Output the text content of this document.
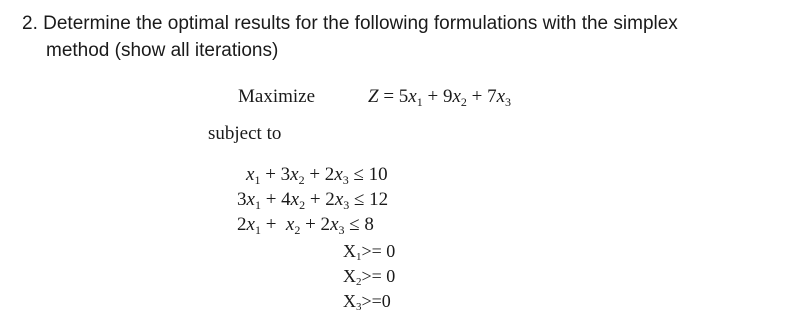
2. Determine the optimal results for the following formulations with the simplex
method (show all iterations)
Maximize	$Z = 5x_1 + 9x_2 + 7x_3$
subject to
$x_1 + 3x_2 + 2x_3 \le 10$
$3x_1 + 4x_2 + 2x_3 \le 12$
$2x_1 + x_2 + 2x_3 \le 8$
$X_1>= 0$
$X_2>= 0$
$X_3>=0$
